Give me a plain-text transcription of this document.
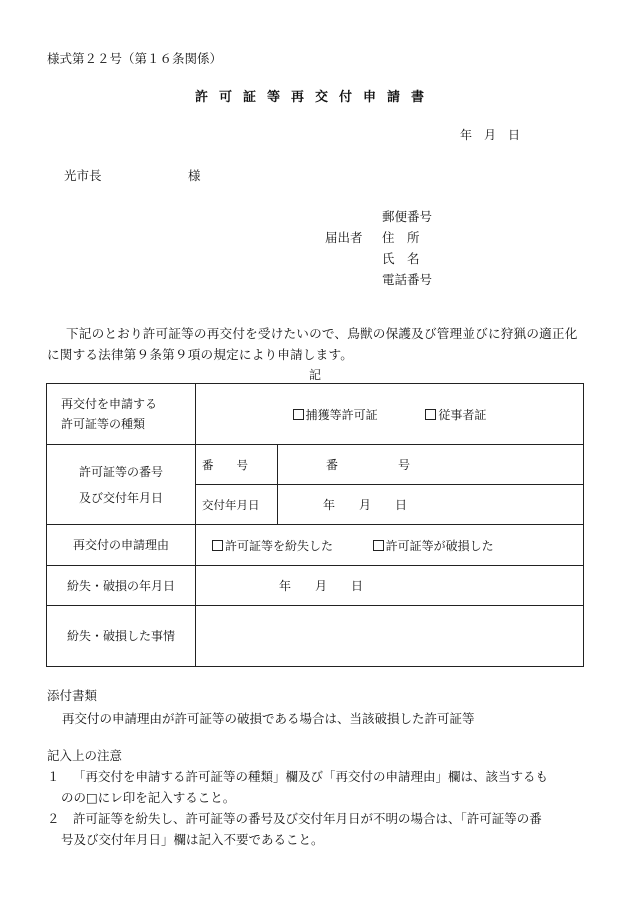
様式第２２号（第１６条関係）
許可証等再交付申請書
年　月　日
光市長	様
届出者
郵便番号
住　所
氏　名
電話番号
下記のとおり許可証等の再交付を受けたいので、鳥獣の保護及び管理並びに狩猟の適正化に関する法律第９条第９項の規定により申請します。
記
再交付を申請する
許可証等の種類	捕獲等許可証 従事者証	

許可証等の番号
及び交付年月日	番　　号	番　　　　　号
	交付年月日	年　　月　　日
再交付の申請理由	許可証等を紛失した 許可証等が破損した	
紛失・破損の年月日	年　　月　　日	
紛失・破損した事情		
添付書類
再交付の申請理由が許可証等の破損である場合は、当該破損した許可証等
記入上の注意
１ 「再交付を申請する許可証等の種類」欄及び「再交付の申請理由」欄は、該当するも
のの□にレ印を記入すること。
２ 許可証等を紛失し、許可証等の番号及び交付年月日が不明の場合は、「許可証等の番
号及び交付年月日」欄は記入不要であること。
